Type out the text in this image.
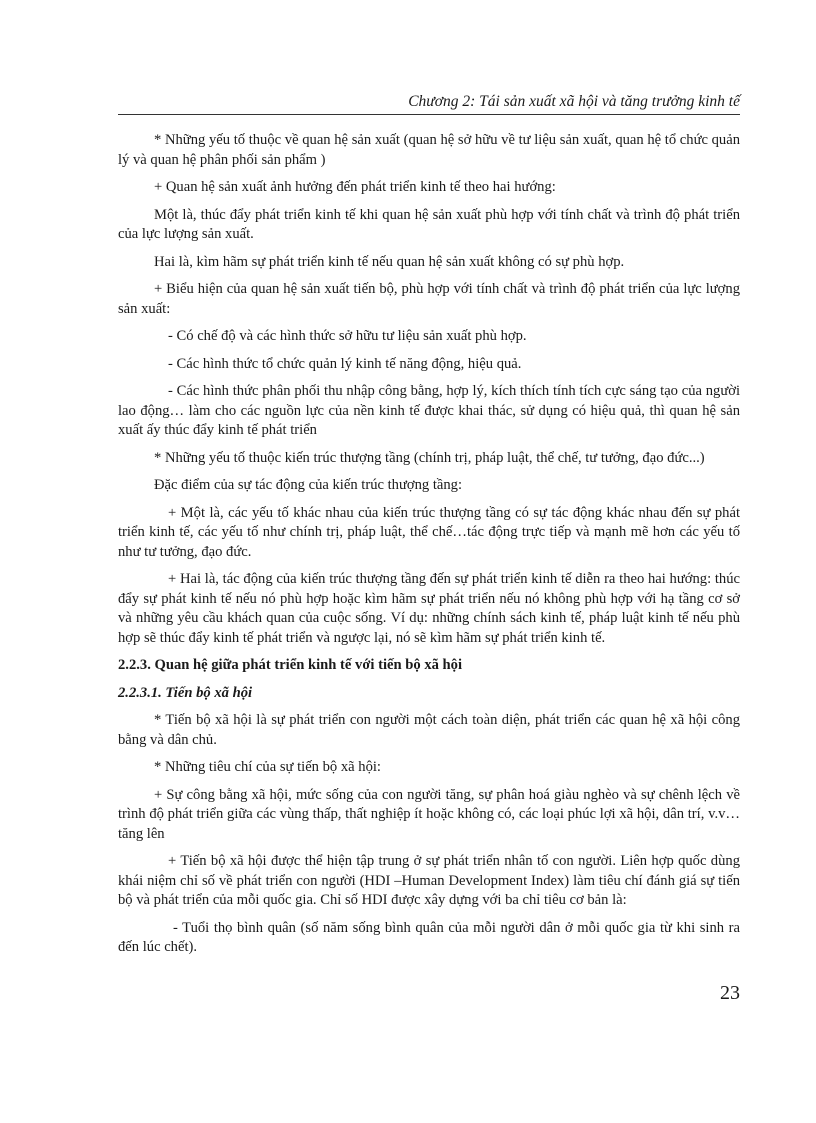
Chương 2: Tái sản xuất xã hội và tăng trưởng kinh tế

* Những yếu tố thuộc về quan hệ sản xuất (quan hệ sở hữu về tư liệu sản xuất, quan hệ tổ chức quản lý và quan hệ phân phối sản phẩm )

+ Quan hệ sản xuất ảnh hưởng đến phát triển kinh tế theo hai hướng:

Một là, thúc đẩy phát triển kinh tế khi quan hệ sản xuất phù hợp với tính chất và trình độ phát triển của lực lượng sản xuất.

Hai là, kìm hãm sự phát triển kinh tế nếu quan hệ sản xuất không có sự phù hợp.

+ Biểu hiện của quan hệ sản xuất tiến bộ, phù hợp với tính chất và trình độ phát triển của lực lượng sản xuất:

- Có chế độ và các hình thức sở hữu tư liệu sản xuất phù hợp.

- Các hình thức tổ chức quản lý kinh tế năng động, hiệu quả.

- Các hình thức phân phối thu nhập công bằng, hợp lý, kích thích tính tích cực sáng tạo của người lao động… làm cho các nguồn lực của nền kinh tế được khai thác, sử dụng có hiệu quả, thì quan hệ sản xuất ấy thúc đẩy kinh tế phát triển

* Những yếu tố thuộc kiến trúc thượng tầng (chính trị, pháp luật, thể chế, tư tưởng, đạo đức...)

Đặc điểm của sự tác động của kiến trúc thượng tầng:

+ Một là, các yếu tố khác nhau của kiến trúc thượng tầng có sự tác động khác nhau đến sự phát triển kinh tế, các yếu tố như chính trị, pháp luật, thể chế…tác động trực tiếp và mạnh mẽ hơn các yếu tố như tư tưởng, đạo đức.

+ Hai là, tác động của kiến trúc thượng tầng đến sự phát triển kinh tế diễn ra theo hai hướng: thúc đẩy sự phát kinh tế nếu nó phù hợp hoặc kìm hãm sự phát triển nếu nó không phù hợp với hạ tầng cơ sở và những yêu cầu khách quan của cuộc sống. Ví dụ: những chính sách kinh tế, pháp luật kinh tế nếu phù hợp sẽ thúc đẩy kinh tế phát triển và ngược lại, nó sẽ kìm hãm sự phát triển kinh tế.

2.2.3. Quan hệ giữa phát triển kinh tế với tiến bộ xã hội

2.2.3.1. Tiến bộ xã hội

* Tiến bộ xã hội là sự phát triển con người một cách toàn diện, phát triển các quan hệ xã hội công bằng và dân chủ.

* Những tiêu chí của sự tiến bộ xã hội:

+ Sự công bằng xã hội, mức sống của con người tăng, sự phân hoá giàu nghèo và sự chênh lệch về trình độ phát triển giữa các vùng thấp, thất nghiệp ít hoặc không có, các loại phúc lợi xã hội, dân trí, v.v… tăng lên

+ Tiến bộ xã hội được thể hiện tập trung ở sự phát triển nhân tố con người. Liên hợp quốc dùng khái niệm chỉ số về phát triển con người (HDI –Human Development Index) làm tiêu chí đánh giá sự tiến bộ và phát triển của mỗi quốc gia. Chỉ số HDI được xây dựng với ba chỉ tiêu cơ bản là:

- Tuổi thọ bình quân (số năm sống bình quân của mỗi người dân ở mỗi quốc gia từ khi sinh ra đến lúc chết).

23
